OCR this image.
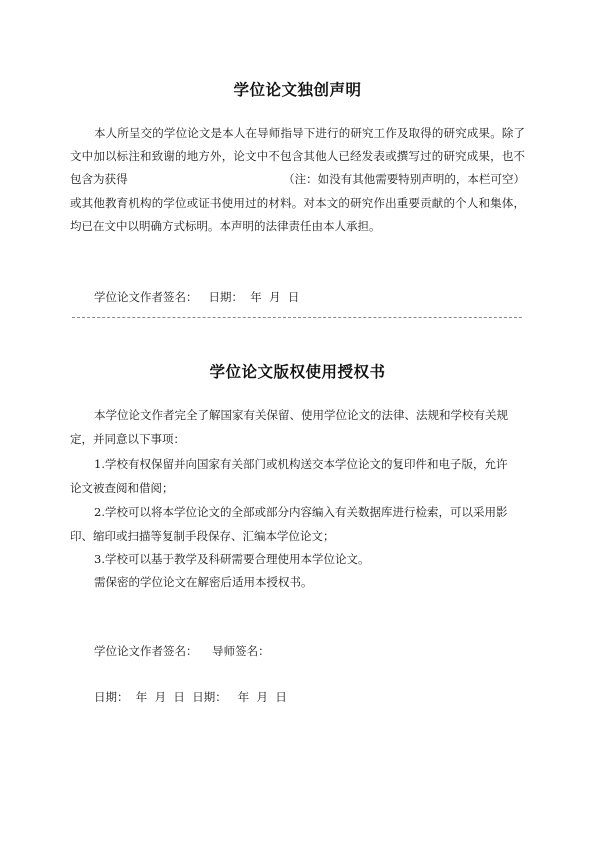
学位论文独创声明
本人所呈交的学位论文是本人在导师指导下进行的研究工作及取得的研究成果。除了文中加以标注和致谢的地方外，论文中不包含其他人已经发表或撰写过的研究成果，也不包含为获得　　　　　　　　　　　　　　（注：如没有其他需要特别声明的，本栏可空）或其他教育机构的学位或证书使用过的材料。对本文的研究作出重要贡献的个人和集体，均已在文中以明确方式标明。本声明的法律责任由本人承担。
学位论文作者签名：   日期：  年  月  日
学位论文版权使用授权书
本学位论文作者完全了解国家有关保留、使用学位论文的法律、法规和学校有关规
定，并同意以下事项：
1.学校有权保留并向国家有关部门或机构送交本学位论文的复印件和电子版，允许
论文被查阅和借阅；
2.学校可以将本学位论文的全部或部分内容编入有关数据库进行检索，可以采用影
印、缩印或扫描等复制手段保存、汇编本学位论文；
3.学校可以基于教学及科研需要合理使用本学位论文。
需保密的学位论文在解密后适用本授权书。
学位论文作者签名：    导师签名：
日期：  年  月  日  日期：   年  月  日
